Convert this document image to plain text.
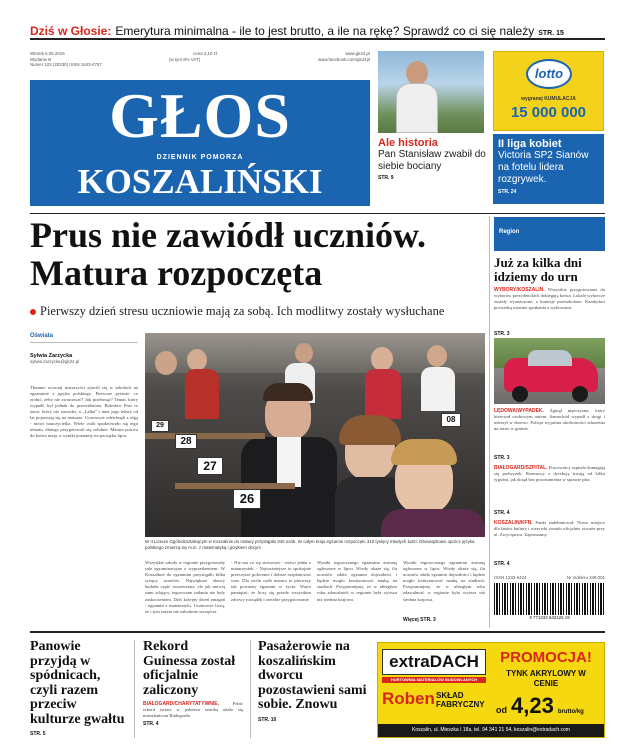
Dziś w Głosie: Emerytura minimalna - ile to jest brutto, a ile na rękę? Sprawdź co ci się należy STR. 15
Wtorek 5.05.2015	cena 2,10 zł	www.gk24.pl
Wydanie B	(w tym 8% VAT)	www.facebook.com/gk24pl
Numer 103 (20230) ISSN 1643-4757
GŁOS
DZIENNIK POMORZA
KOSZALIŃSKI
Ale historia
Pan Stanisław zwabił do siebie bociany
STR. 9
lotto
wygranej KUMULACJA
15 000 000
II liga kobiet
Victoria SP2 Sianów na fotelu lidera rozgrywek.
STR. 24
Prus nie zawiódł uczniów.
Matura rozpoczęta
Pierwszy dzień stresu uczniowie mają za sobą. Ich modlitwy zostały wysłuchane
Oświata
Sylwia Zarzycka
sylwia.zarzycka@gk24.pl
Tłumnie wczoraj maturzyści zjawili się w szkołach na egzaminie z języka polskiego. Pierwsze pytanie: co zrobić, żeby nie zwariować? Jak przebrnąć? Temat, który wypadł, był jednak do przewidzenia. Bolesław Prus to autor, który nie zawodzi, a „Lalka” i inne jego teksty od lat pojawiają się na maturze. Uczniowie odetchnęli z ulgą - mówi nauczycielka. Wiele osób spodziewało się tego tematu, dlatego przygotowali się solidnie. Matura potrwa do końca maja, a wyniki poznamy na początku lipca.
26
27
28
08
29
W II Liceum Ogólnokształcącym w Koszalinie do matury przystąpiło 340 osób. W całym kraju egzamin rozpoczęło 310 tysięcy młodych ludzi. Obowiązkowo oprócz języka polskiego zmierzą się m.in. z matematyką i językiem obcym
Wszystkie szkoły w regionie przygotowały sale egzaminacyjne z wyprzedzeniem. W Koszalinie do egzaminu przystąpiło kilka tysięcy uczniów. Największe obawy budziła część rozszerzona, ale jak mówią sami zdający, tegoroczne zadania nie były zaskoczeniem. Dziś kolejny dzień zmagań - egzamin z matematyki. Uczniowie liczą, że i tym razem nie zabraknie szczęścia.
- Nie ma co się stresować - mówi jedna z maturzystek. - Najważniejsze to spokojnie przeczytać polecenie i dobrze rozplanować czas. Dla wielu osób matura to pierwszy tak poważny egzamin w życiu. Warto pamiętać, że liczy się przede wszystkim zdrowy rozsądek i rzetelne przygotowanie.
Wyniki tegorocznego egzaminu zostaną ogłoszone w lipcu. Wtedy okaże się, ilu uczniów zdało egzamin dojrzałości i będzie mogło kontynuować naukę na studiach. Przypomnijmy, że w ubiegłym roku zdawalność w regionie była wyższa niż średnia krajowa.
Wyniki tegorocznego egzaminu zostaną ogłoszone w lipcu. Wtedy okaże się, ilu uczniów zdało egzamin dojrzałości i będzie mogło kontynuować naukę na studiach. Przypomnijmy, że w ubiegłym roku zdawalność w regionie była wyższa niż średnia krajowa.
Więcej STR. 3
Region
Już za kilka dni idziemy do urn
WYBORY/KOSZALIN. Wszystkie przygotowania do wyborów prezydenckich dobiegają końca. Lokale wyborcze zostały wyznaczone, a komisje przeszkolone. Kandydaci prowadzą ostatnie spotkania z wyborcami.
STR. 3
LĘDOWA/WYPADEK. Zginął mężczyzna, który kierował osobowym autem. Samochód wypadł z drogi i uderzył w drzewo. Policja wyjaśnia okoliczności zdarzenia na trasie w gminie.
STR. 3
BIAŁOGARD/SZPITAL. Pracownicy szpitala domagają się podwyżek. Rozmowy z dyrekcją trwają od kilku tygodni, jak dotąd bez porozumienia w sprawie płac.
STR. 4
KOSZALIN/KFN. Punkt zadebiutował. Nowe miejsce dla fanów kultury i rozrywki zostało oficjalnie otwarte przy ul. Zwycięstwa. Zapraszamy.
STR. 4
ISSN 1233-6424	Nr indeksu 348.001
9 771233 642126 19
Panowie przyjdą w spódnicach, czyli razem przeciw kulturze gwałtu
STR. 5
Rekord Guinessa został oficjalnie zaliczony
BIAŁOGARD/CHARYTATYWNIE.	Pobić rekord świata w jedzeniu sernika udało się mieszkańcom Białogardu.
STR. 4
Pasażerowie na koszalińskim dworcu pozostawieni sami sobie. Znowu
STR. 10
extraDACH
HURTOWNIA MATERIAŁÓW BUDOWLANYCH
Roben SKŁAD FABRYCZNY
PROMOCJA!
TYNK AKRYLOWY W CENIE
od 4,23 brutto/kg
Koszalin, ul. Mieszka I 18a, tel. 94 341 21 54, koszalin@extradach.com
